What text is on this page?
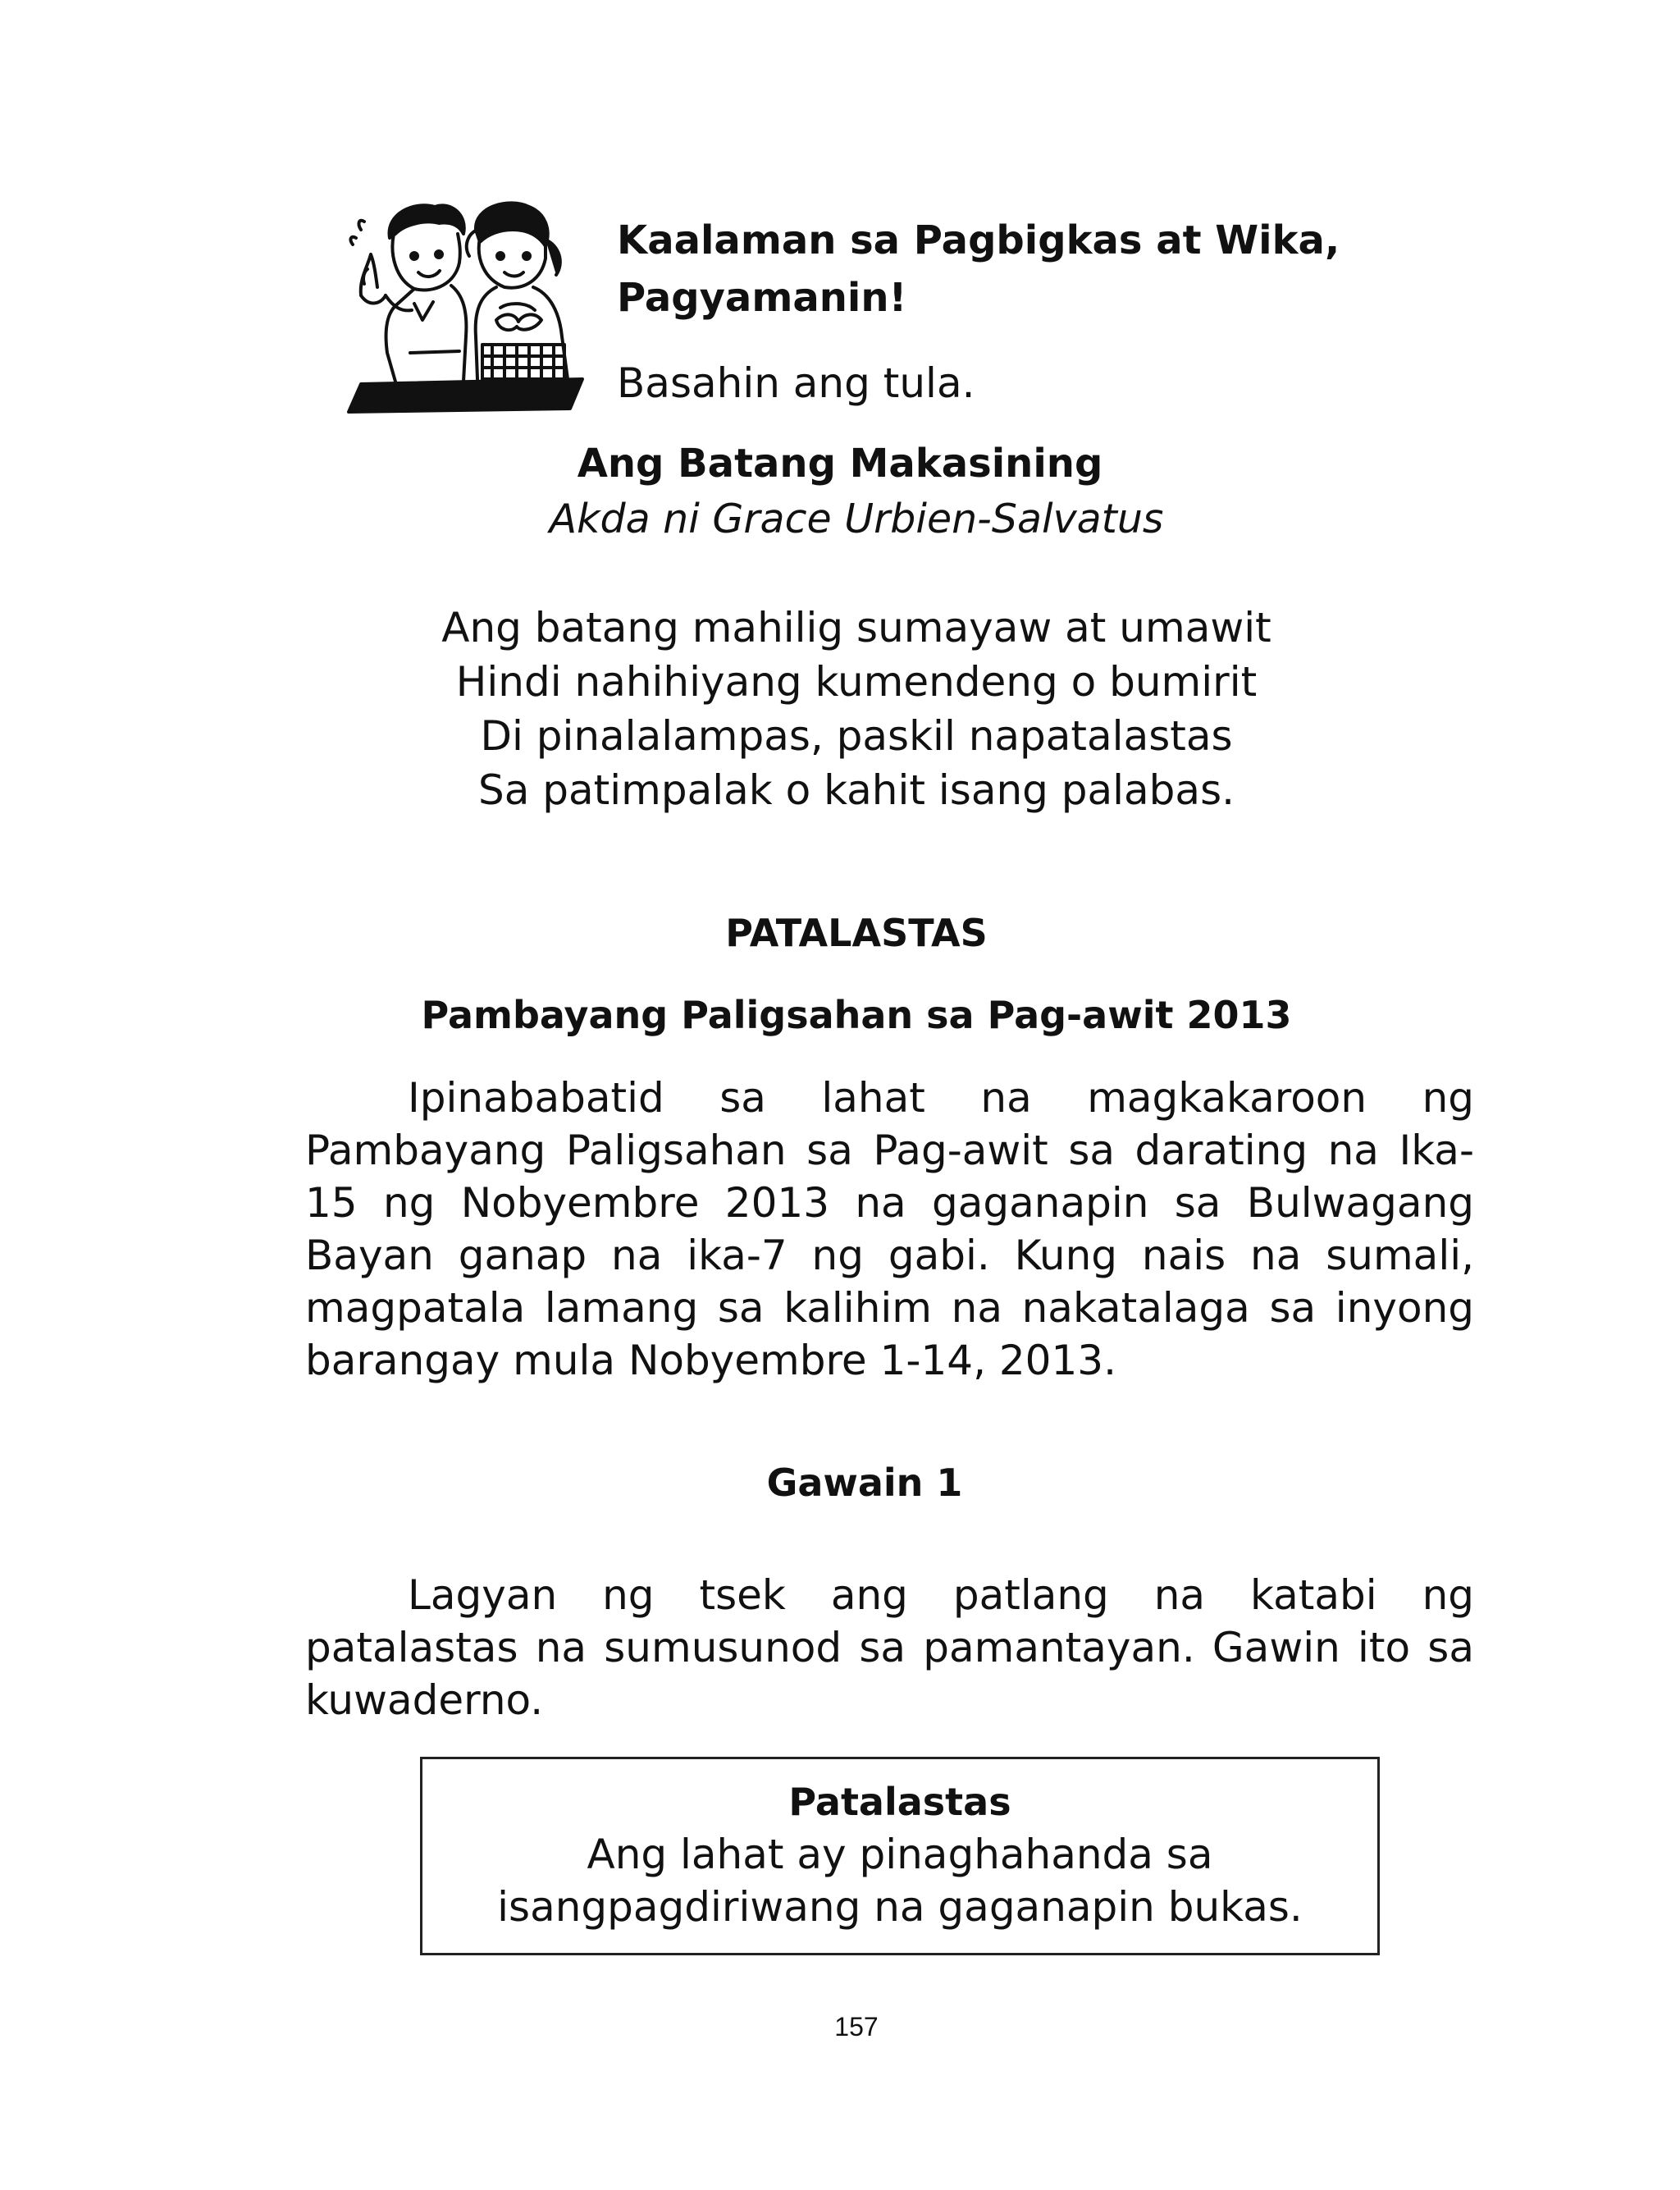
Kaalaman sa Pagbigkas at Wika,
Pagyamanin!
Basahin ang tula.
Ang Batang Makasining
Akda ni Grace Urbien-Salvatus
Ang batang mahilig sumayaw at umawit
Hindi nahihiyang kumendeng o bumirit
Di pinalalampas, paskil napatalastas
Sa patimpalak o kahit isang palabas.
PATALASTAS
Pambayang Paligsahan sa Pag-awit 2013

Ipinababatid sa lahat na magkakaroon ng Pambayang Paligsahan sa Pag-awit sa darating na Ika-15 ng Nobyembre 2013 na gaganapin sa Bulwagang Bayan ganap na ika-7 ng gabi. Kung nais na sumali, magpatala lamang sa kalihim na nakatalaga sa inyong barangay mula Nobyembre 1-14, 2013.

Gawain 1

Lagyan ng tsek ang patlang na katabi ng patalastas na sumusunod sa pamantayan. Gawin ito sa kuwaderno.

Patalastas
Ang lahat ay pinaghahanda sa
isangpagdiriwang na gaganapin bukas.
157
